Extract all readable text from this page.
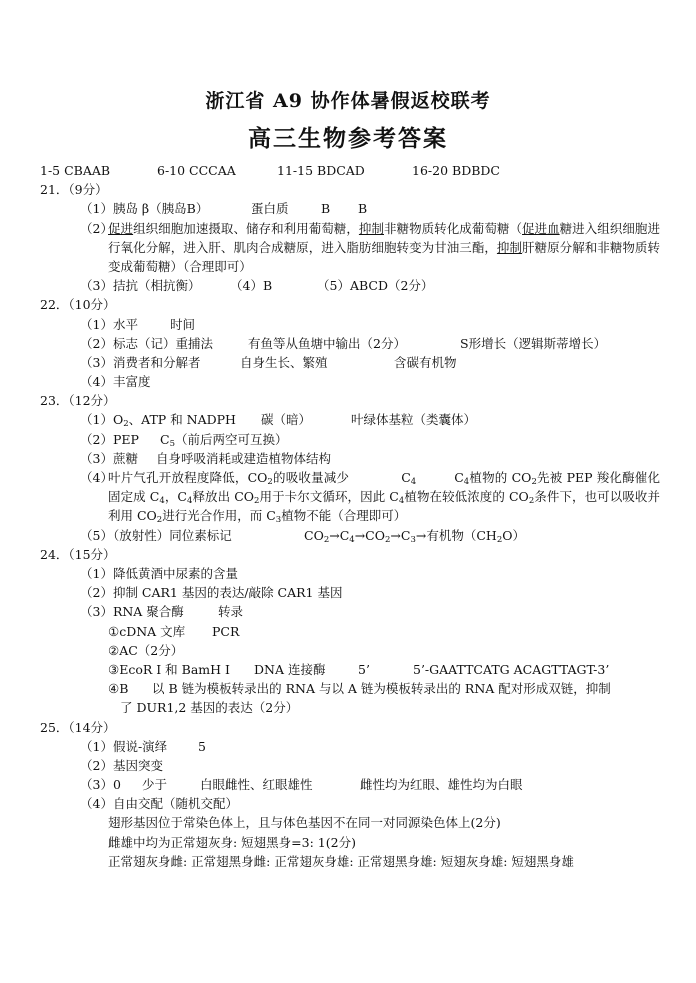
浙江省 A9 协作体暑假返校联考
高三生物参考答案
1-5 CBAAB	6-10 CCCAA	11-15 BDCAD	16-20 BDBDC
21．（9分）
（1）胰岛 β（胰岛B）	蛋白质	B B
（2）
促进组织细胞加速摄取、储存和利用葡萄糖，抑制非糖物质转化成葡萄糖（促进血糖进入组织细胞进行氧化分解，进入肝、肌肉合成糖原，进入脂肪细胞转变为甘油三酯，抑制肝糖原分解和非糖物质转变成葡萄糖）（合理即可）
（3）拮抗（相抗衡） （4）B	（5）ABCD（2分）
22．（10分）
（1）水平	时间
（2）标志（记）重捕法	有鱼等从鱼塘中输出（2分）	S形增长（逻辑斯蒂增长）
（3）消费者和分解者	自身生长、繁殖	含碳有机物
（4）丰富度
23．（12分）
$(1)O_2$、ATP 和 NADPH 碳（暗）	叶绿体基粒（类囊体）
（2）PEP $C_5$（前后两空可互换）
（3）蔗糖 自身呼吸消耗或建造植物体结构
（4）
叶片气孔开放程度降低，$CO_2$的吸收量减少	$C_4$	$C_4$植物的 $CO_2$先被 PEP 羧化酶催化固定成 $C_4$，$C_4$释放出 $CO_2$用于卡尔文循环，因此 $C_4$植物在较低浓度的 $CO_2$条件下，也可以吸收并利用 $CO_2$进行光合作用，而 $C_3$植物不能（合理即可）
（5）（放射性）同位素标记	$CO_2\to C_4\to CO_2\to C_3\to$有机物$(CH_2O)$
24．（15分）
（1）降低黄酒中尿素的含量
（2）抑制 CAR1 基因的表达/敲除 CAR1 基因
（3）RNA 聚合酶	转录
①cDNA 文库 PCR
②AC（2分）
③EcoR I 和 BamH I DNA 连接酶	5’	5’-GAATTCATG ACAGTTAGT-3’
④B 以 B 链为模板转录出的 RNA 与以 A 链为模板转录出的 RNA 配对形成双链，抑制
了 DUR1,2 基因的表达（2分）
25．（14分）
（1）假说-演绎 5
（2）基因突变
（3）0 少于	白眼雌性、红眼雄性	雌性均为红眼、雄性均为白眼
（4）自由交配（随机交配）
翅形基因位于常染色体上，且与体色基因不在同一对同源染色体上(2分)
雌雄中均为正常翅灰身: 短翅黑身=3: 1(2分)
正常翅灰身雌: 正常翅黑身雌: 正常翅灰身雄: 正常翅黑身雄: 短翅灰身雄: 短翅黑身雄
